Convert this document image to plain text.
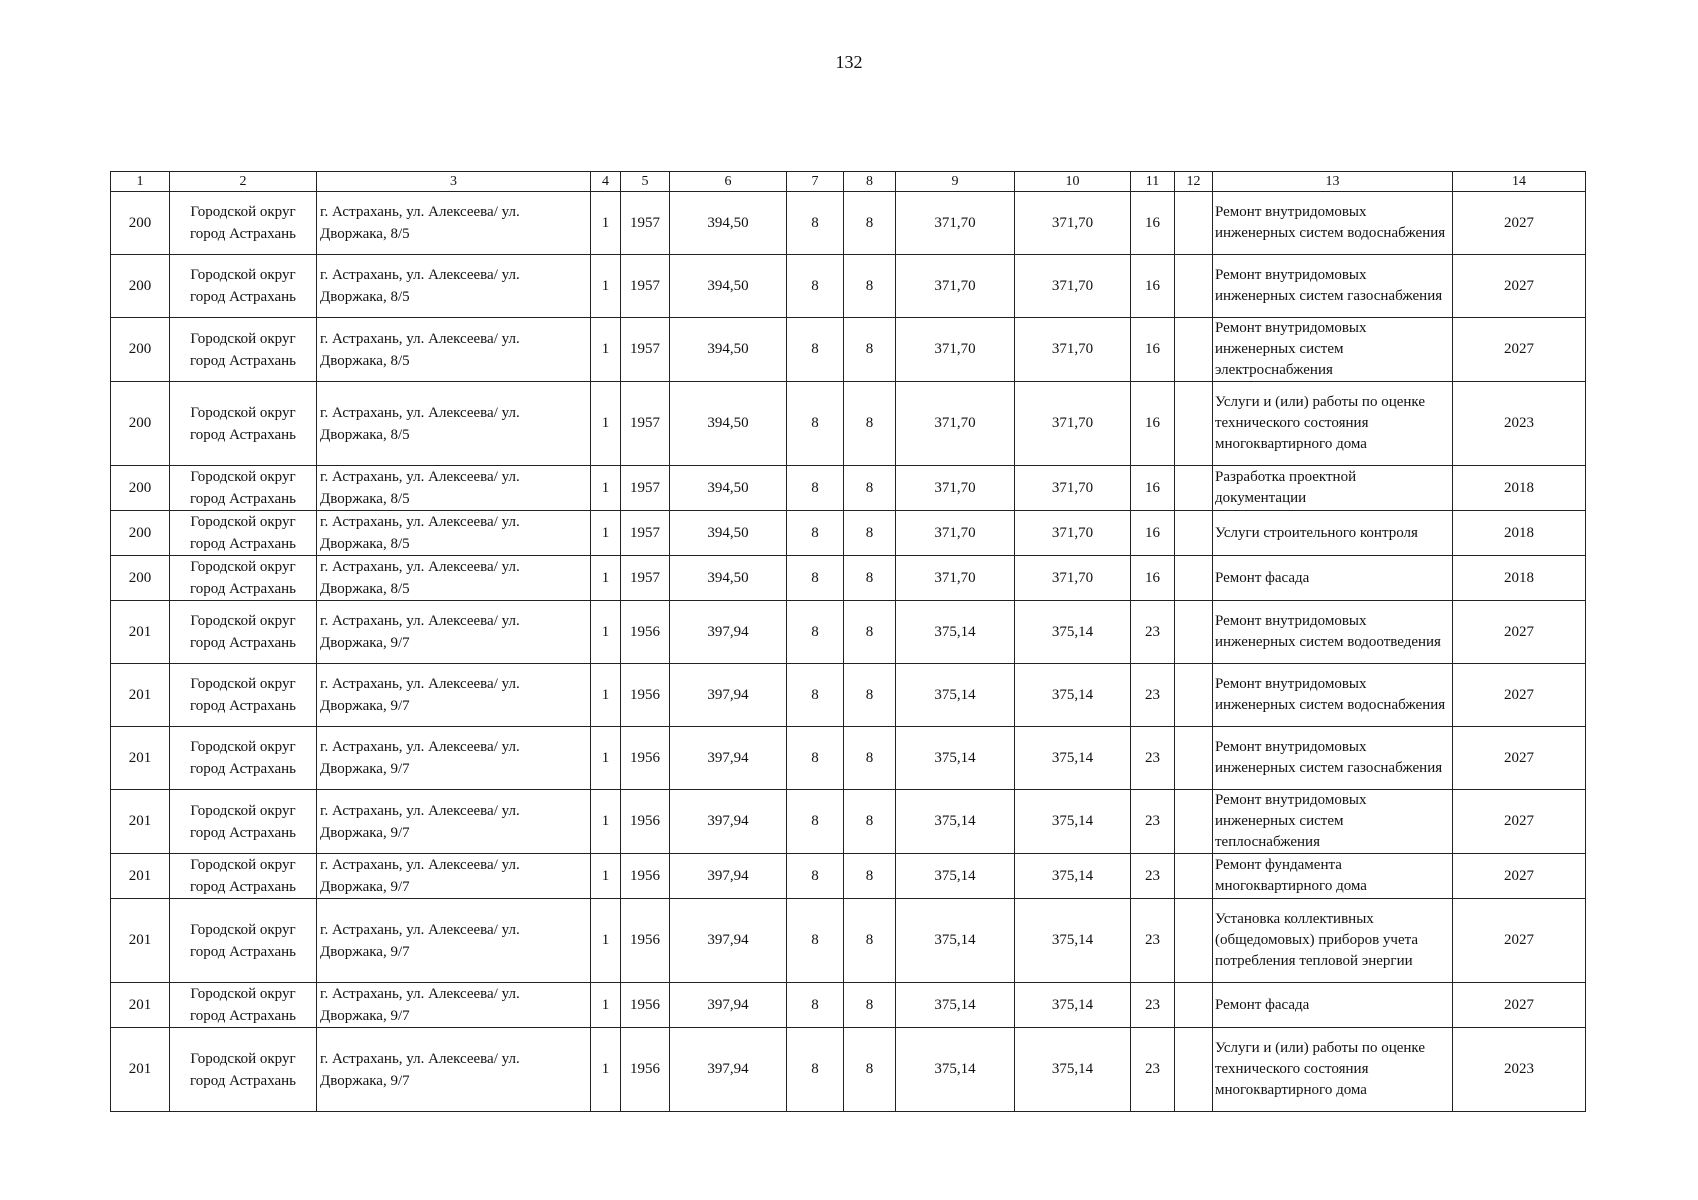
132
1	2	3	4	5	6	7	8	9	10	11	12	13	14
200	Городской округ город Астрахань	г. Астрахань, ул. Алексеева/ ул. Дворжака, 8/5	1	1957	394,50	8	8	371,70	371,70	16		Ремонт внутридомовых инженерных систем водоснабжения	2027
200	Городской округ город Астрахань	г. Астрахань, ул. Алексеева/ ул. Дворжака, 8/5	1	1957	394,50	8	8	371,70	371,70	16		Ремонт внутридомовых инженерных систем газоснабжения	2027
200	Городской округ город Астрахань	г. Астрахань, ул. Алексеева/ ул. Дворжака, 8/5	1	1957	394,50	8	8	371,70	371,70	16		Ремонт внутридомовых инженерных систем электроснабжения	2027
200	Городской округ город Астрахань	г. Астрахань, ул. Алексеева/ ул. Дворжака, 8/5	1	1957	394,50	8	8	371,70	371,70	16		Услуги и (или) работы по оценке технического состояния многоквартирного дома	2023
200	Городской округ город Астрахань	г. Астрахань, ул. Алексеева/ ул. Дворжака, 8/5	1	1957	394,50	8	8	371,70	371,70	16		Разработка проектной документации	2018
200	Городской округ город Астрахань	г. Астрахань, ул. Алексеева/ ул. Дворжака, 8/5	1	1957	394,50	8	8	371,70	371,70	16		Услуги строительного контроля	2018
200	Городской округ город Астрахань	г. Астрахань, ул. Алексеева/ ул. Дворжака, 8/5	1	1957	394,50	8	8	371,70	371,70	16		Ремонт фасада	2018
201	Городской округ город Астрахань	г. Астрахань, ул. Алексеева/ ул. Дворжака, 9/7	1	1956	397,94	8	8	375,14	375,14	23		Ремонт внутридомовых инженерных систем водоотведения	2027
201	Городской округ город Астрахань	г. Астрахань, ул. Алексеева/ ул. Дворжака, 9/7	1	1956	397,94	8	8	375,14	375,14	23		Ремонт внутридомовых инженерных систем водоснабжения	2027
201	Городской округ город Астрахань	г. Астрахань, ул. Алексеева/ ул. Дворжака, 9/7	1	1956	397,94	8	8	375,14	375,14	23		Ремонт внутридомовых инженерных систем газоснабжения	2027
201	Городской округ город Астрахань	г. Астрахань, ул. Алексеева/ ул. Дворжака, 9/7	1	1956	397,94	8	8	375,14	375,14	23		Ремонт внутридомовых инженерных систем теплоснабжения	2027
201	Городской округ город Астрахань	г. Астрахань, ул. Алексеева/ ул. Дворжака, 9/7	1	1956	397,94	8	8	375,14	375,14	23		Ремонт фундамента многоквартирного дома	2027
201	Городской округ город Астрахань	г. Астрахань, ул. Алексеева/ ул. Дворжака, 9/7	1	1956	397,94	8	8	375,14	375,14	23		Установка коллективных (общедомовых) приборов учета потребления тепловой энергии	2027
201	Городской округ город Астрахань	г. Астрахань, ул. Алексеева/ ул. Дворжака, 9/7	1	1956	397,94	8	8	375,14	375,14	23		Ремонт фасада	2027
201	Городской округ город Астрахань	г. Астрахань, ул. Алексеева/ ул. Дворжака, 9/7	1	1956	397,94	8	8	375,14	375,14	23		Услуги и (или) работы по оценке технического состояния многоквартирного дома	2023
